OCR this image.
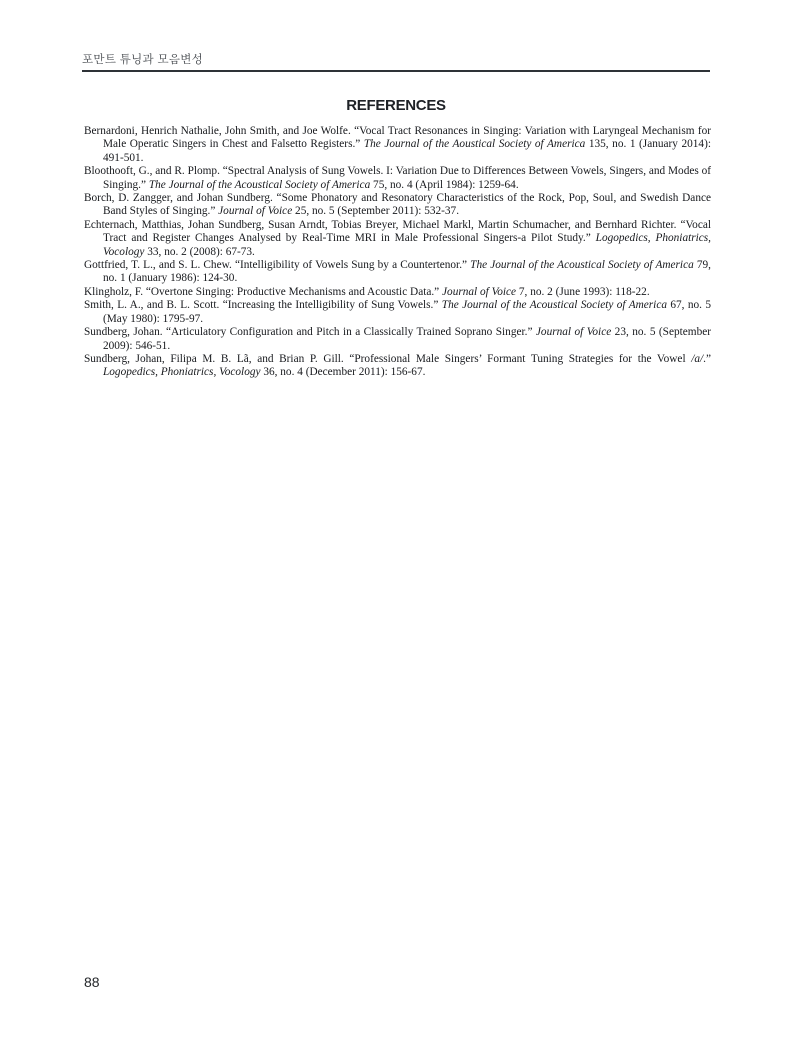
포만트 튜닝과 모음변성
REFERENCES

Bernardoni, Henrich Nathalie, John Smith, and Joe Wolfe. “Vocal Tract Resonances in Singing: Variation with Laryngeal Mechanism for Male Operatic Singers in Chest and Falsetto Registers.” The Journal of the Aoustical Society of America 135, no. 1 (January 2014): 491-501.

Bloothooft, G., and R. Plomp. “Spectral Analysis of Sung Vowels. I: Variation Due to Differences Between Vowels, Singers, and Modes of Singing.” The Journal of the Acoustical Society of America 75, no. 4 (April 1984): 1259-64.

Borch, D. Zangger, and Johan Sundberg. “Some Phonatory and Resonatory Characteristics of the Rock, Pop, Soul, and Swedish Dance Band Styles of Singing.” Journal of Voice 25, no. 5 (September 2011): 532-37.

Echternach, Matthias, Johan Sundberg, Susan Arndt, Tobias Breyer, Michael Markl, Martin Schumacher, and Bernhard Richter. “Vocal Tract and Register Changes Analysed by Real-Time MRI in Male Professional Singers-a Pilot Study.” Logopedics, Phoniatrics, Vocology 33, no. 2 (2008): 67-73.

Gottfried, T. L., and S. L. Chew. “Intelligibility of Vowels Sung by a Countertenor.” The Journal of the Acoustical Society of America 79, no. 1 (January 1986): 124-30.

Klingholz, F. “Overtone Singing: Productive Mechanisms and Acoustic Data.” Journal of Voice 7, no. 2 (June 1993): 118-22.

Smith, L. A., and B. L. Scott. “Increasing the Intelligibility of Sung Vowels.” The Journal of the Acoustical Society of America 67, no. 5 (May 1980): 1795-97.

Sundberg, Johan. “Articulatory Configuration and Pitch in a Classically Trained Soprano Singer.” Journal of Voice 23, no. 5 (September 2009): 546-51.

Sundberg, Johan, Filipa M. B. Lã, and Brian P. Gill. “Professional Male Singers’ Formant Tuning Strategies for the Vowel /a/.” Logopedics, Phoniatrics, Vocology 36, no. 4 (December 2011): 156-67.

88
